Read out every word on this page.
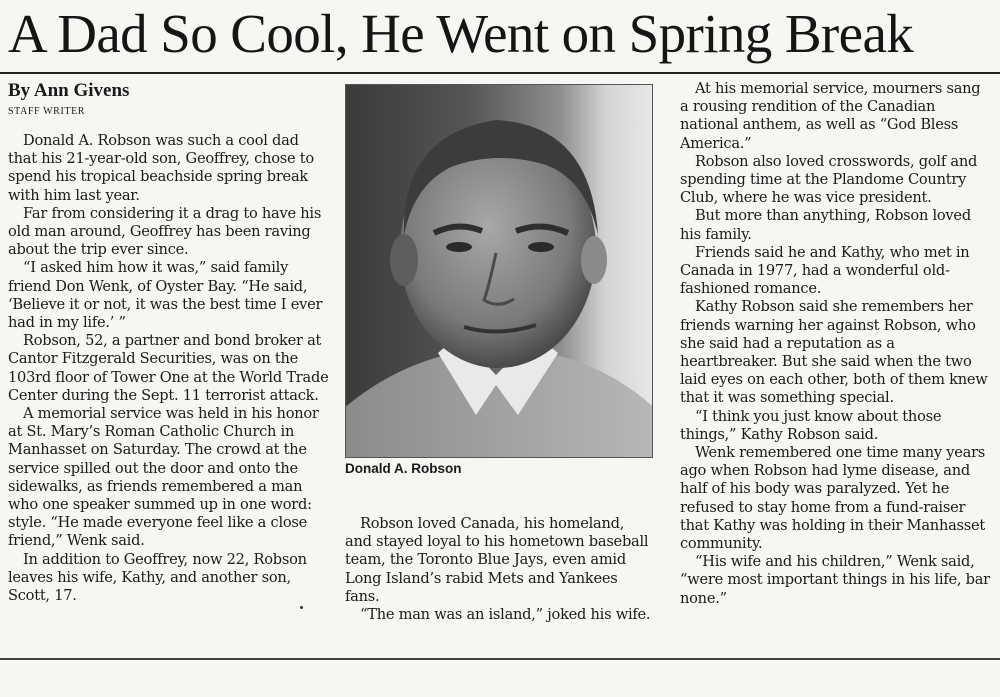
A Dad So Cool, He Went on Spring Break
By Ann Givens
STAFF WRITER

Donald A. Robson was such a cool dad that his 21-year-old son, Geoffrey, chose to spend his tropical beachside spring break with him last year.

Far from considering it a drag to have his old man around, Geoffrey has been raving about the trip ever since.

“I asked him how it was,” said family friend Don Wenk, of Oyster Bay. “He said, ‘Believe it or not, it was the best time I ever had in my life.’ ”

Robson, 52, a partner and bond broker at Cantor Fitzgerald Securities, was on the 103rd floor of Tower One at the World Trade Center during the Sept. 11 terrorist attack.

A memorial service was held in his honor at St. Mary’s Roman Catholic Church in Manhasset on Saturday. The crowd at the service spilled out the door and onto the sidewalks, as friends remembered a man who one speaker summed up in one word: style. “He made everyone feel like a close friend,” Wenk said.

In addition to Geoffrey, now 22, Robson leaves his wife, Kathy, and another son, Scott, 17.

Donald A. Robson

Robson loved Canada, his homeland, and stayed loyal to his hometown baseball team, the Toronto Blue Jays, even amid Long Island’s rabid Mets and Yankees fans.

“The man was an island,” joked his wife.

At his memorial service, mourners sang a rousing rendition of the Canadian national anthem, as well as “God Bless America.”

Robson also loved crosswords, golf and spending time at the Plandome Country Club, where he was vice president.

But more than anything, Robson loved his family.

Friends said he and Kathy, who met in Canada in 1977, had a wonderful old-fashioned romance.

Kathy Robson said she remembers her friends warning her against Robson, who she said had a reputation as a heartbreaker. But she said when the two laid eyes on each other, both of them knew that it was something special.

“I think you just know about those things,” Kathy Robson said.

Wenk remembered one time many years ago when Robson had lyme disease, and half of his body was paralyzed. Yet he refused to stay home from a fund-raiser that Kathy was holding in their Manhasset community.

“His wife and his children,” Wenk said, “were most important things in his life, bar none.”
